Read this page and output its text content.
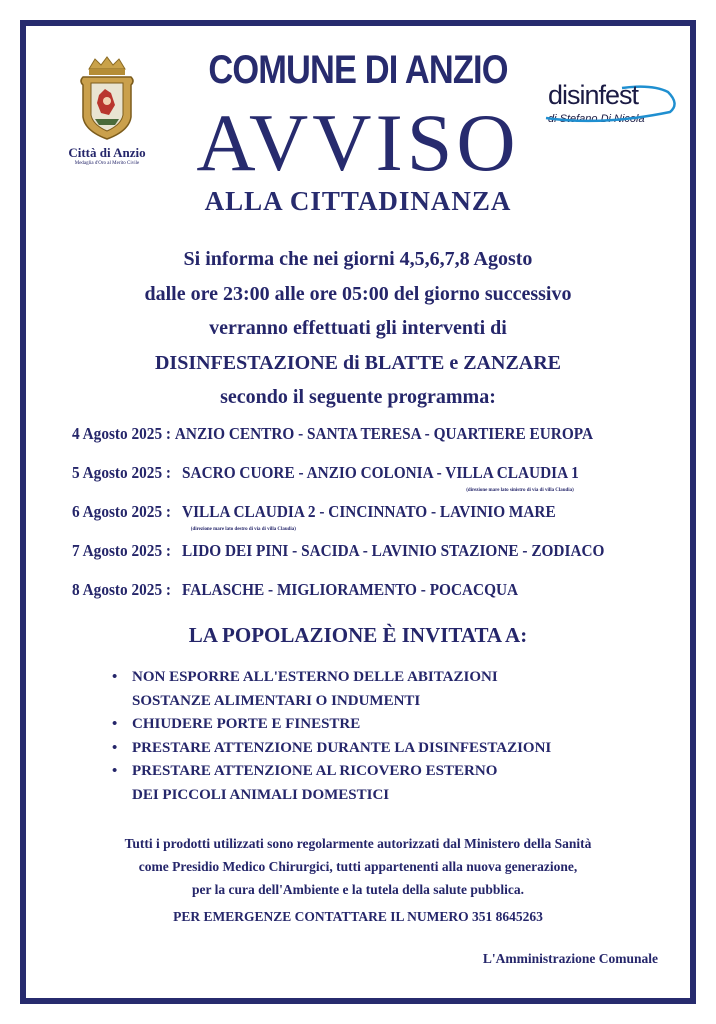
Città di Anzio
Medaglia d'Oro al Merito Civile
COMUNE DI ANZIO
AVVISO
ALLA CITTADINANZA
disinfest
di Stefano Di Nicola
Si informa che nei giorni 4,5,6,7,8 Agosto
dalle ore 23:00 alle ore 05:00 del giorno successivo
verranno effettuati gli interventi di
DISINFESTAZIONE di BLATTE e ZANZARE
secondo il seguente programma:
4 Agosto 2025 : ANZIO CENTRO - SANTA TERESA - QUARTIERE EUROPA
5 Agosto 2025 : SACRO CUORE - ANZIO COLONIA - VILLA CLAUDIA 1
(direzione mare lato sinistro di via di villa Claudia)
6 Agosto 2025 : VILLA CLAUDIA 2 - CINCINNATO - LAVINIO MARE
(direzione mare lato destro di via di villa Claudia)
7 Agosto 2025 : LIDO DEI PINI - SACIDA - LAVINIO STAZIONE - ZODIACO
8 Agosto 2025 : FALASCHE - MIGLIORAMENTO - POCACQUA
LA POPOLAZIONE È INVITATA A:
• NON ESPORRE ALL'ESTERNO DELLE ABITAZIONI
SOSTANZE ALIMENTARI O INDUMENTI
• CHIUDERE PORTE E FINESTRE
• PRESTARE ATTENZIONE DURANTE LA DISINFESTAZIONI
• PRESTARE ATTENZIONE AL RICOVERO ESTERNO
DEI PICCOLI ANIMALI DOMESTICI
Tutti i prodotti utilizzati sono regolarmente autorizzati dal Ministero della Sanità
come Presidio Medico Chirurgici, tutti appartenenti alla nuova generazione,
per la cura dell'Ambiente e la tutela della salute pubblica.
PER EMERGENZE CONTATTARE IL NUMERO 351 8645263
L'Amministrazione Comunale
